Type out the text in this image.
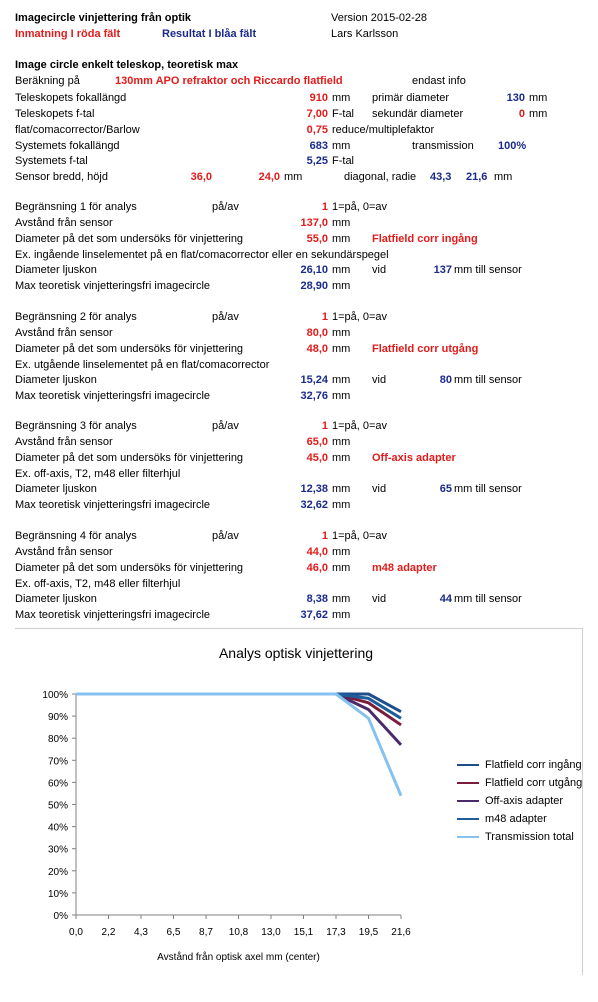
Imagecircle vinjettering från optik	Version 2015-02-28
Inmatning I röda fält	Resultat I blåa fält	Lars Karlsson
Image circle enkelt teleskop, teoretisk max
Beräkning på	130mm APO refraktor och Riccardo flatfield	endast info
Teleskopets fokallängd	910 mm primär diameter	130 mm
Teleskopets f-tal	7,00 F-tal sekundär diameter	0 mm
flat/comacorrector/Barlow	0,75 reduce/multiplefaktor
Systemets fokallängd	683 mm	transmission 100%
Systemets f-tal	5,25 F-tal
Sensor bredd, höjd	36,0	24,0 mm	diagonal, radie 43,3 21,6 mm
Begränsning 1 för analys	på/av	1 1=på, 0=av
Avstånd från sensor	137,0 mm
Diameter på det som undersöks för vinjettering	55,0 mm Flatfield corr ingång
Ex. ingående linselementet på en flat/comacorrector eller en sekundärspegel
Diameter ljuskon	26,10 mm vid	137 mm till sensor
Max teoretisk vinjetteringsfri imagecircle	28,90 mm
Begränsning 2 för analys	på/av	1 1=på, 0=av
Avstånd från sensor	80,0 mm
Diameter på det som undersöks för vinjettering	48,0 mm Flatfield corr utgång
Ex. utgående linselementet på en flat/comacorrector
Diameter ljuskon	15,24 mm vid	80 mm till sensor
Max teoretisk vinjetteringsfri imagecircle	32,76 mm
Begränsning 3 för analys	på/av	1 1=på, 0=av
Avstånd från sensor	65,0 mm
Diameter på det som undersöks för vinjettering	45,0 mm Off-axis adapter
Ex. off-axis, T2, m48 eller filterhjul
Diameter ljuskon	12,38 mm vid	65 mm till sensor
Max teoretisk vinjetteringsfri imagecircle	32,62 mm
Begränsning 4 för analys	på/av	1 1=på, 0=av
Avstånd från sensor	44,0 mm
Diameter på det som undersöks för vinjettering	46,0 mm m48 adapter
Ex. off-axis, T2, m48 eller filterhjul
Diameter ljuskon	8,38 mm vid	44 mm till sensor
Max teoretisk vinjetteringsfri imagecircle	37,62 mm
Analys optisk vinjettering
0%
10%
20%
30%
40%
50%
60%
70%
80%
90%
100%
0,0 2,2 4,3 6,5 8,7 10,8 13,0 15,1 17,3 19,5 21,6
Avstånd från optisk axel mm (center)
Flatfield corr ingång
Flatfield corr utgång
Off-axis adapter
m48 adapter
Transmission total
